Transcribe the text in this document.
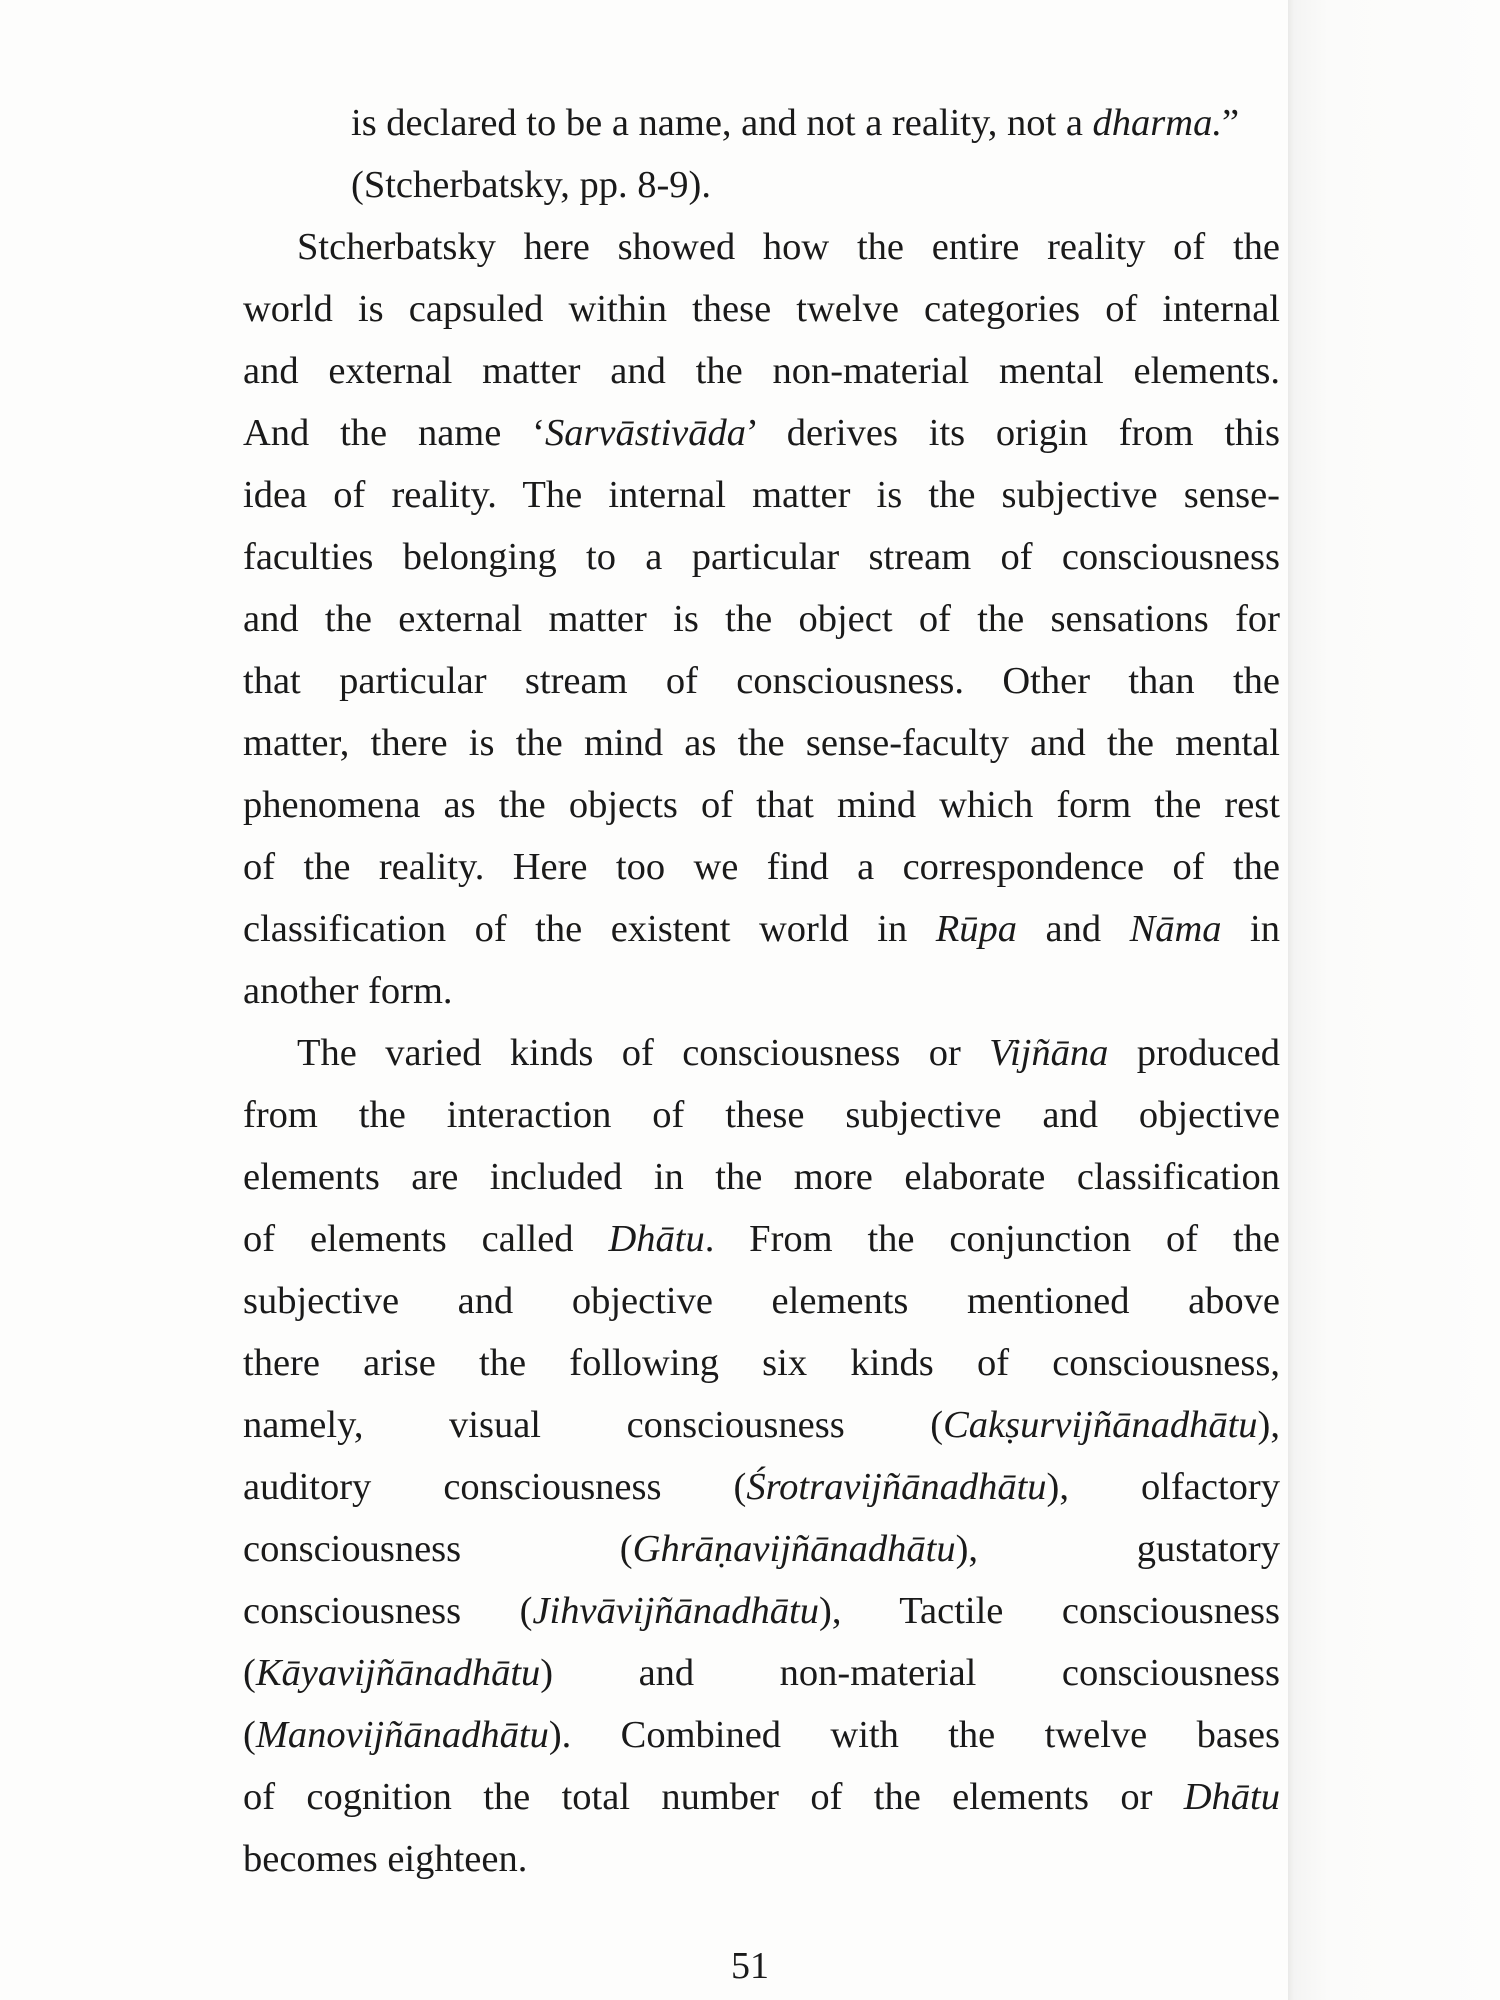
is declared to be a name, and not a reality, not a dharma.”
(Stcherbatsky, pp. 8-9).
Stcherbatsky here showed how the entire reality of the
world is capsuled within these twelve categories of internal
and external matter and the non-material mental elements.
And the name ‘Sarvāstivāda’ derives its origin from this
idea of reality. The internal matter is the subjective sense-
faculties belonging to a particular stream of consciousness
and the external matter is the object of the sensations for
that particular stream of consciousness. Other than the
matter, there is the mind as the sense-faculty and the mental
phenomena as the objects of that mind which form the rest
of the reality. Here too we find a correspondence of the
classification of the existent world in Rūpa and Nāma in
another form.
The varied kinds of consciousness or Vijñāna produced
from the interaction of these subjective and objective
elements are included in the more elaborate classification
of elements called Dhātu. From the conjunction of the
subjective and objective elements mentioned above
there arise the following six kinds of consciousness,
namely, visual consciousness (Cakṣurvijñānadhātu),
auditory consciousness (Śrotravijñānadhātu), olfactory
consciousness (Ghrāṇavijñānadhātu), gustatory
consciousness (Jihvāvijñānadhātu), Tactile consciousness
(Kāyavijñānadhātu) and non-material consciousness
(Manovijñānadhātu). Combined with the twelve bases
of cognition the total number of the elements or Dhātu
becomes eighteen.
51
